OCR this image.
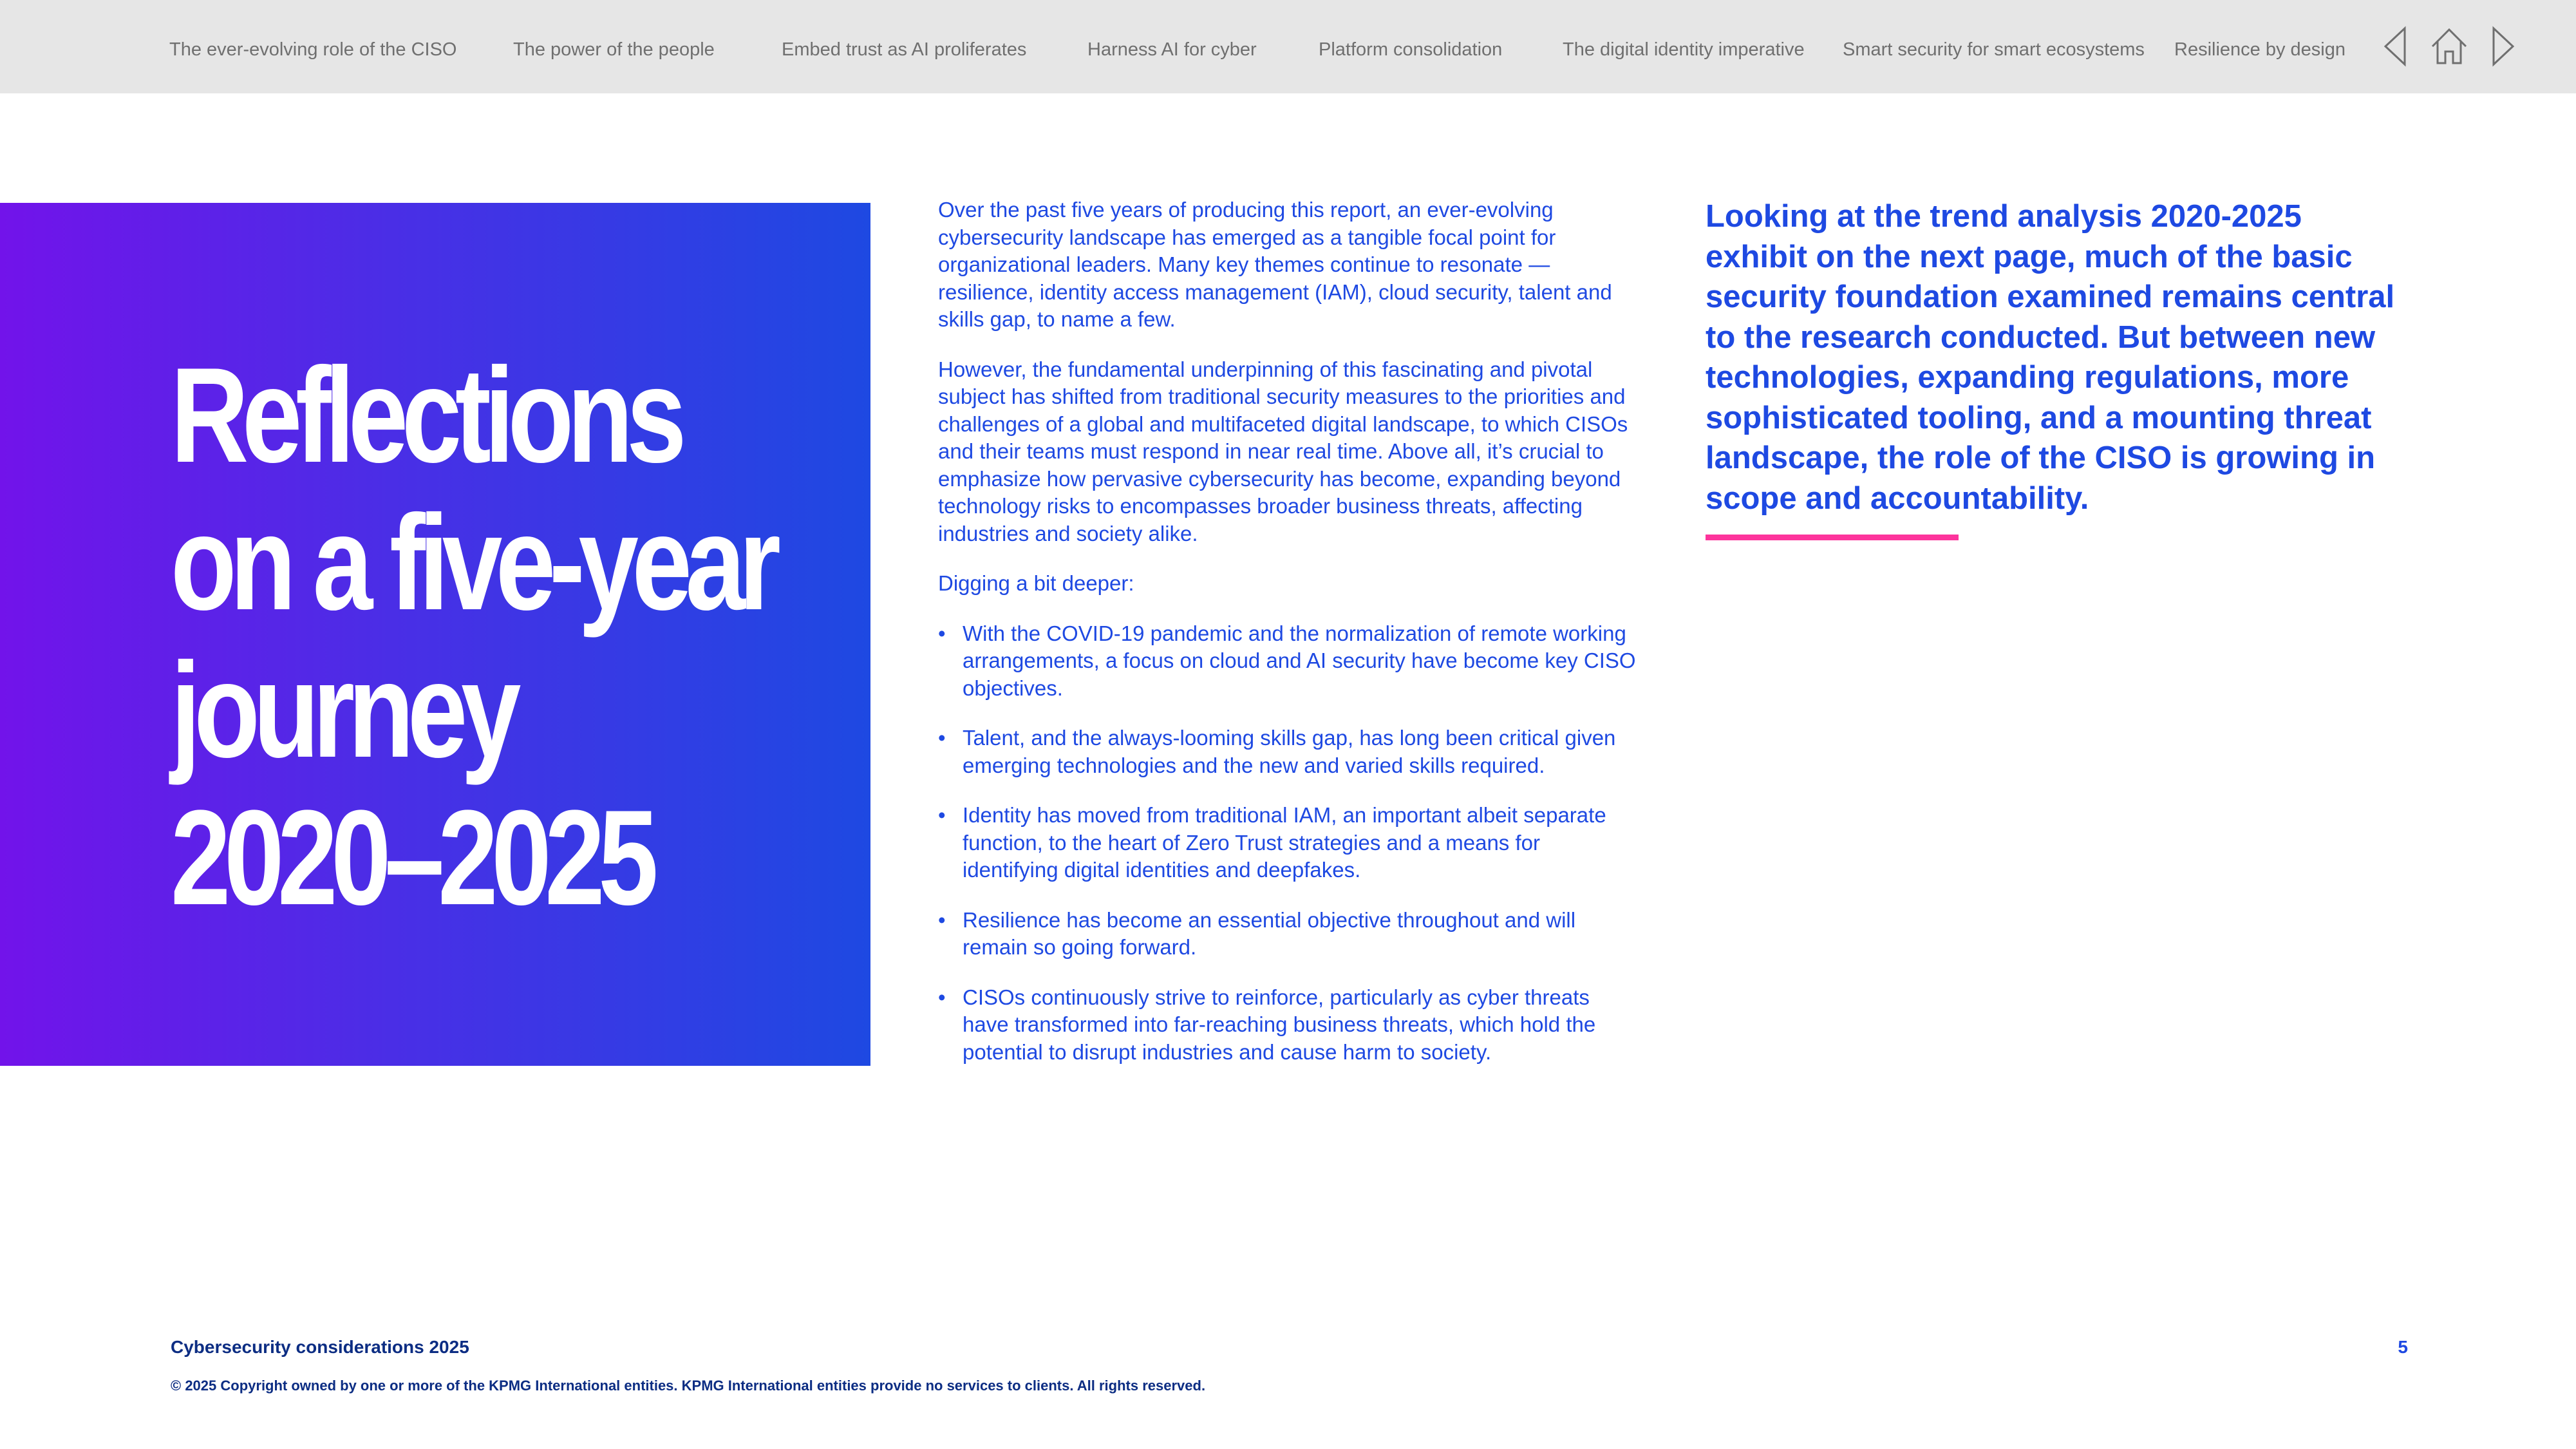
The ever-evolving role of the CISO	The power of the people	Embed trust as AI proliferates	Harness AI for cyber	Platform consolidation	The digital identity imperative Smart security for smart ecosystems Resilience by design
Reflections
on a five-year
journey
2020–2025

Over the past five years of producing this report, an ever-evolving cybersecurity landscape has emerged as a tangible focal point for organizational leaders. Many key themes continue to resonate — resilience, identity access management (IAM), cloud security, talent and skills gap, to name a few.

However, the fundamental underpinning of this fascinating and pivotal subject has shifted from traditional security measures to the priorities and challenges of a global and multifaceted digital landscape, to which CISOs and their teams must respond in near real time. Above all, it’s crucial to emphasize how pervasive cybersecurity has become, expanding beyond technology risks to encompasses broader business threats, affecting industries and society alike.

Digging a bit deeper:

• With the COVID-19 pandemic and the normalization of remote working arrangements, a focus on cloud and AI security have become key CISO objectives.
• Talent, and the always-looming skills gap, has long been critical given emerging technologies and the new and varied skills required.
• Identity has moved from traditional IAM, an important albeit separate function, to the heart of Zero Trust strategies and a means for identifying digital identities and deepfakes.
• Resilience has become an essential objective throughout and will remain so going forward.
• CISOs continuously strive to reinforce, particularly as cyber threats have transformed into far-reaching business threats, which hold the potential to disrupt industries and cause harm to society.
Looking at the trend analysis 2020-2025 exhibit on the next page, much of the basic security foundation examined remains central to the research conducted. But between new technologies, expanding regulations, more sophisticated tooling, and a mounting threat landscape, the role of the CISO is growing in scope and accountability.
Cybersecurity considerations 2025	5
© 2025 Copyright owned by one or more of the KPMG International entities. KPMG International entities provide no services to clients. All rights reserved.
